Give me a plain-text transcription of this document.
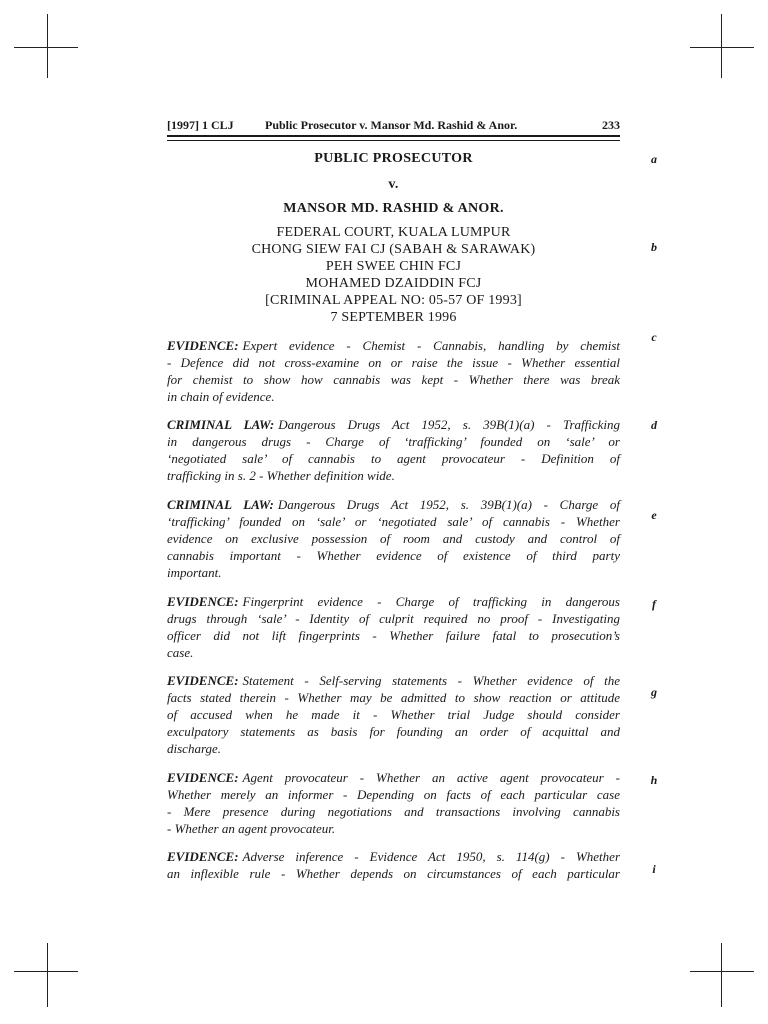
[1997] 1 CLJ	Public Prosecutor v. Mansor Md. Rashid & Anor.	233
PUBLIC PROSECUTOR
v.
MANSOR MD. RASHID & ANOR.
FEDERAL COURT, KUALA LUMPUR
CHONG SIEW FAI CJ (SABAH & SARAWAK)
PEH SWEE CHIN FCJ
MOHAMED DZAIDDIN FCJ
[CRIMINAL APPEAL NO: 05-57 OF 1993]
7 SEPTEMBER 1996
EVIDENCE: Expert evidence - Chemist - Cannabis, handling by chemist
- Defence did not cross-examine on or raise the issue - Whether essential
for chemist to show how cannabis was kept - Whether there was break
in chain of evidence.
CRIMINAL LAW: Dangerous Drugs Act 1952, s. 39B(1)(a) - Trafficking
in dangerous drugs - Charge of ‘trafficking’ founded on ‘sale’ or
‘negotiated sale’ of cannabis to agent provocateur - Definition of
trafficking in s. 2 - Whether definition wide.
CRIMINAL LAW: Dangerous Drugs Act 1952, s. 39B(1)(a) - Charge of
‘trafficking’ founded on ‘sale’ or ‘negotiated sale’ of cannabis - Whether
evidence on exclusive possession of room and custody and control of
cannabis important - Whether evidence of existence of third party
important.
EVIDENCE: Fingerprint evidence - Charge of trafficking in dangerous
drugs through ‘sale’ - Identity of culprit required no proof - Investigating
officer did not lift fingerprints - Whether failure fatal to prosecution’s
case.
EVIDENCE: Statement - Self-serving statements - Whether evidence of the
facts stated therein - Whether may be admitted to show reaction or attitude
of accused when he made it - Whether trial Judge should consider
exculpatory statements as basis for founding an order of acquittal and
discharge.
EVIDENCE: Agent provocateur - Whether an active agent provocateur -
Whether merely an informer - Depending on facts of each particular case
- Mere presence during negotiations and transactions involving cannabis
- Whether an agent provocateur.
EVIDENCE: Adverse inference - Evidence Act 1950, s. 114(g) - Whether
an inflexible rule - Whether depends on circumstances of each particular
a
b
c
d
e
f
g
h
i
